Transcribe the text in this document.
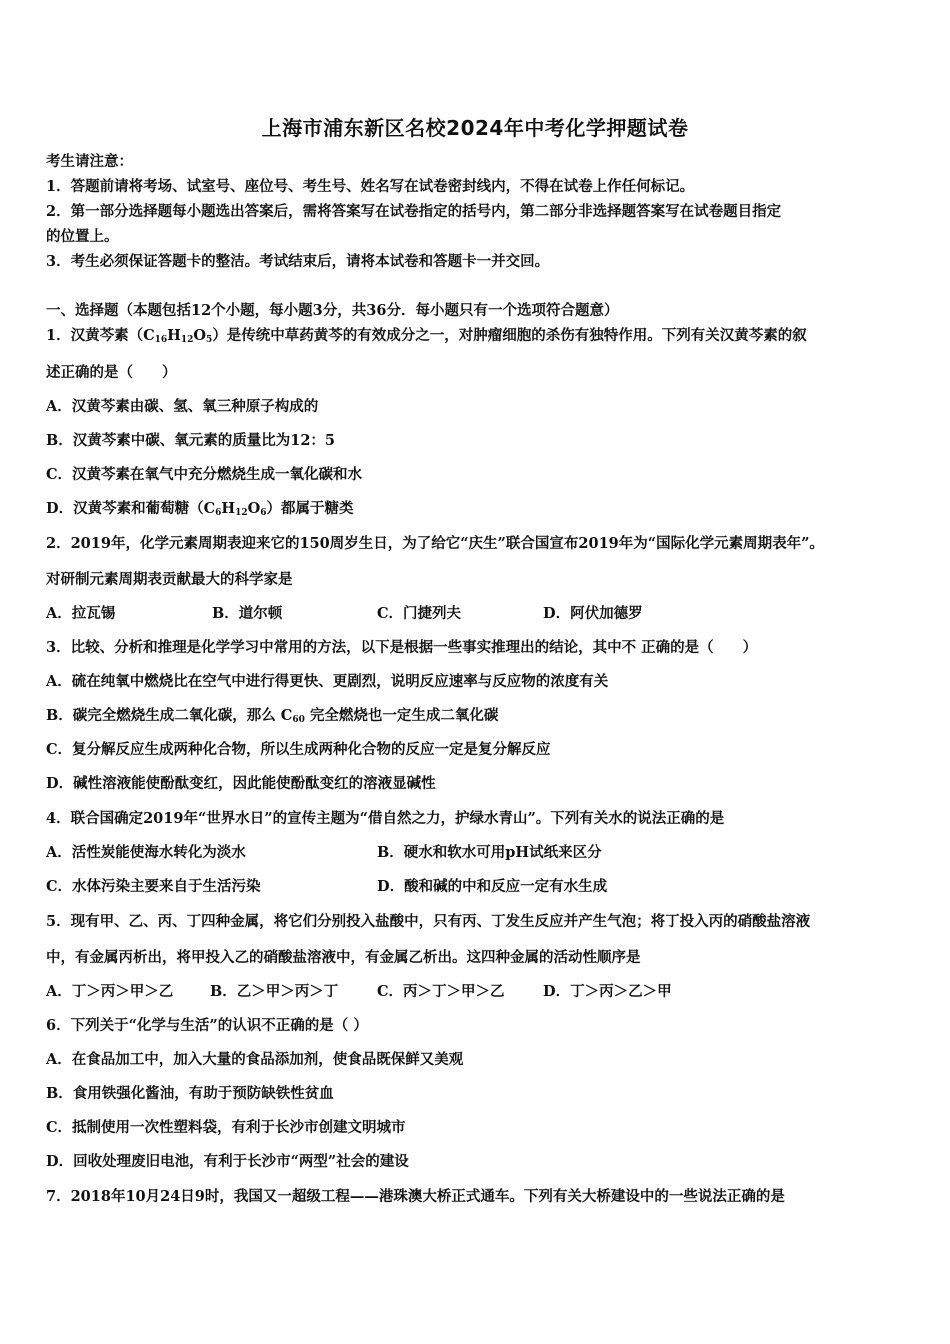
上海市浦东新区名校2024年中考化学押题试卷
考生请注意：
1．答题前请将考场、试室号、座位号、考生号、姓名写在试卷密封线内，不得在试卷上作任何标记。
2．第一部分选择题每小题选出答案后，需将答案写在试卷指定的括号内，第二部分非选择题答案写在试卷题目指定
的位置上。
3．考生必须保证答题卡的整洁。考试结束后，请将本试卷和答题卡一并交回。
一、选择题（本题包括12个小题，每小题3分，共36分．每小题只有一个选项符合题意）
1．汉黄芩素$(C_{16}H_{12}O_5)$是传统中草药黄芩的有效成分之一，对肿瘤细胞的杀伤有独特作用。下列有关汉黄芩素的叙
述正确的是（　　）
A．汉黄芩素由碳、氢、氧三种原子构成的
B．汉黄芩素中碳、氧元素的质量比为12：5
C．汉黄芩素在氧气中充分燃烧生成一氧化碳和水
D．汉黄芩素和葡萄糖$(C_6H_{12}O_6)$都属于糖类
2．2019年，化学元素周期表迎来它的150周岁生日，为了给它“庆生”联合国宣布2019年为“国际化学元素周期表年”。
对研制元素周期表贡献最大的科学家是
A．拉瓦锡	B．道尔顿	C．门捷列夫	D．阿伏加德罗
3．比较、分析和推理是化学学习中常用的方法，以下是根据一些事实推理出的结论，其中不 正确的是（　　）
A．硫在纯氧中燃烧比在空气中进行得更快、更剧烈，说明反应速率与反应物的浓度有关
B．碳完全燃烧生成二氧化碳，那么 $C_{60}$ 完全燃烧也一定生成二氧化碳
C．复分解反应生成两种化合物，所以生成两种化合物的反应一定是复分解反应
D．碱性溶液能使酚酞变红，因此能使酚酞变红的溶液显碱性
4．联合国确定2019年“世界水日”的宣传主题为“借自然之力，护绿水青山”。下列有关水的说法正确的是
A．活性炭能使海水转化为淡水	B．硬水和软水可用pH试纸来区分
C．水体污染主要来自于生活污染	D．酸和碱的中和反应一定有水生成
5．现有甲、乙、丙、丁四种金属，将它们分别投入盐酸中，只有丙、丁发生反应并产生气泡；将丁投入丙的硝酸盐溶液
中，有金属丙析出，将甲投入乙的硝酸盐溶液中，有金属乙析出。这四种金属的活动性顺序是
A．丁＞丙＞甲＞乙	B．乙＞甲＞丙＞丁	C．丙＞丁＞甲＞乙	D．丁＞丙＞乙＞甲
6．下列关于“化学与生活”的认识不正确的是（ ）
A．在食品加工中，加入大量的食品添加剂，使食品既保鲜又美观
B．食用铁强化酱油，有助于预防缺铁性贫血
C．抵制使用一次性塑料袋，有利于长沙市创建文明城市
D．回收处理废旧电池，有利于长沙市“两型”社会的建设
7．2018年10月24日9时，我国又一超级工程——港珠澳大桥正式通车。下列有关大桥建设中的一些说法正确的是
